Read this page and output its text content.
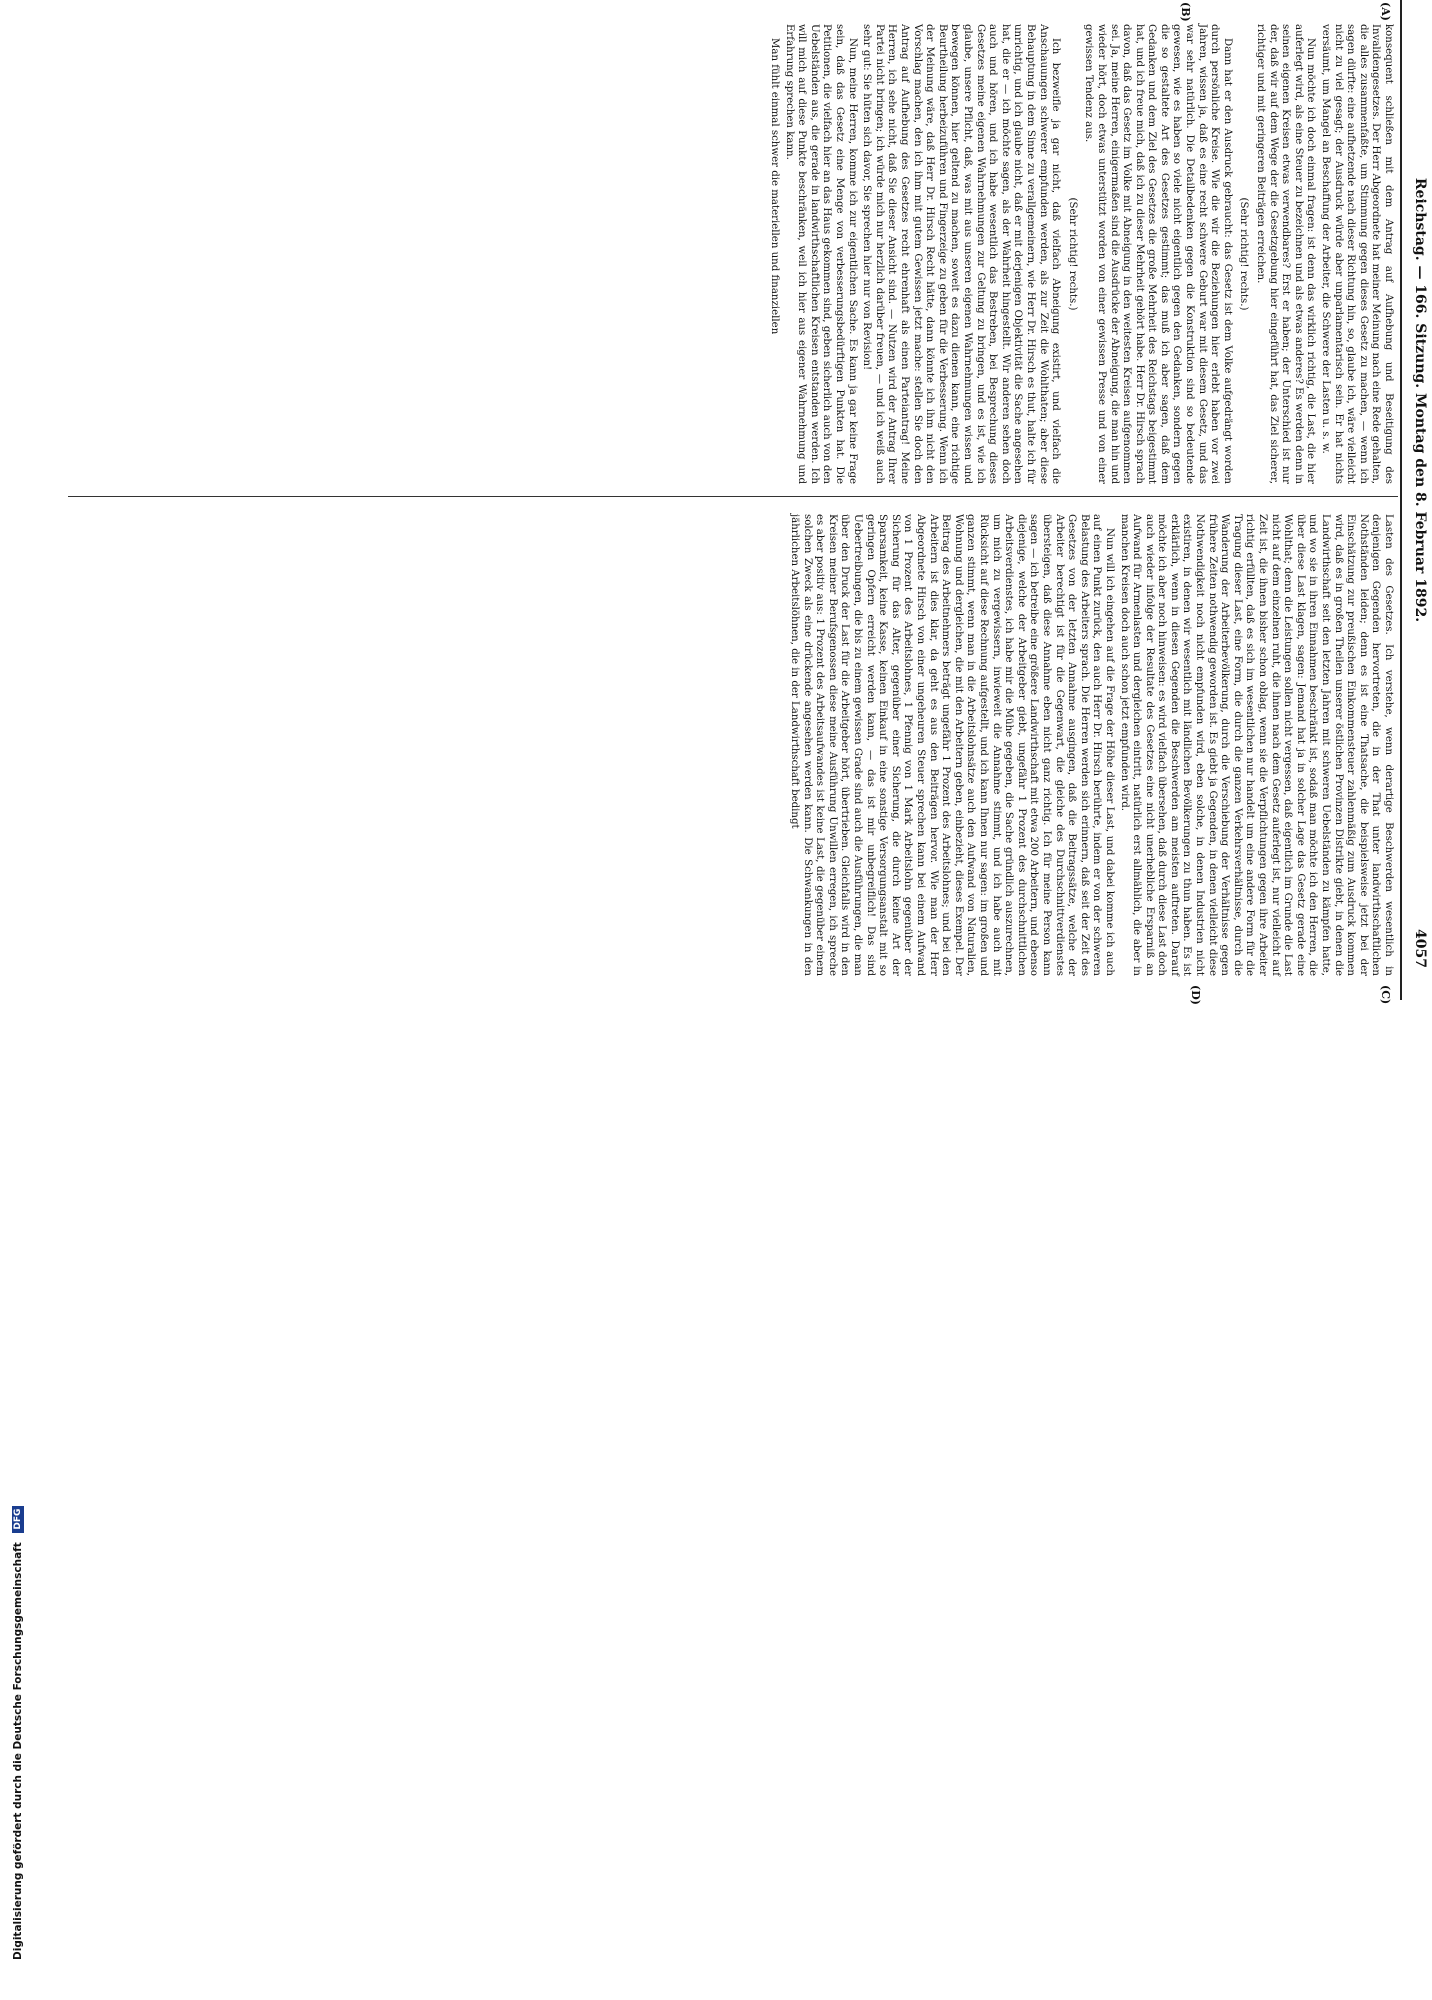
Reichstag. — 166. Sitzung. Montag den 8. Februar 1892.
4057
(A)
(B)
(C)
(D)

konsequent schließen mit dem Antrag auf Aufhebung und Beseitigung des Invalidengesetzes. Der Herr Abgeordnete hat meiner Meinung nach eine Rede gehalten, die alles zusammenfaßte, um Stimmung gegen dieses Gesetz zu machen, — wenn ich sagen dürfte: eine aufhetzende nach dieser Richtung hin, so, glaube ich, wäre vielleicht nicht zu viel gesagt; der Ausdruck würde aber unparlamentarisch sein. Er hat nichts versäumt, um Mangel an Beschaffung der Arbeiter, die Schwere der Lasten u. s. w.

Nun möchte ich doch einmal fragen: ist denn das wirklich richtig, die Last, die hier auferlegt wird, als eine Steuer zu bezeichnen und als etwas anderes? Es werden denn in seinen eigenen Kreisen etwas verwendbares? Erst er haben; der Unterschied ist nur der, daß wir auf dem Wege der die Gesetzgebung hier eingeführt hat, das Ziel sicherer, richtiger und mit geringeren Beiträgen erreichen.

(Sehr richtig! rechts.)

Dann hat er den Ausdruck gebraucht: das Gesetz ist dem Volke aufgedrängt worden durch persönliche Kreise. Wie die wir die Beziehungen hier erlebt haben vor zwei Jahren, wissen ja, daß es eine recht schwere Geburt war mit diesem Gesetz, und das war sehr natürlich. Die Detailbedenken gegen die Konstruktion sind so bedeutende gewesen, wie es haben so viele nicht eigentlich gegen den Gedanken, sondern gegen die so gestaltete Art des Gesetzes gestimmt; das muß ich aber sagen, daß dem Gedanken und dem Ziel des Gesetzes die große Mehrheit des Reichstags beigestimmt hat, und ich freue mich, daß ich zu dieser Mehrheit gehört habe. Herr Dr. Hirsch sprach davon, daß das Gesetz im Volke mit Abneigung in den weitesten Kreisen aufgenommen sei. Ja, meine Herren, einigermaßen sind die Ausdrücke der Abneigung, die man hin und wieder hört, doch etwas unterstützt worden von einer gewissen Presse und von einer gewissen Tendenz aus.

(Sehr richtig! rechts.)

Ich bezweifle ja gar nicht, daß vielfach Abneigung existirt, und vielfach die Anschauungen schwerer empfunden werden, als zur Zeit die Wohlthaten; aber diese Behauptung in dem Sinne zu verallgemeinern, wie Herr Dr. Hirsch es thut, halte ich für unrichtig, und ich glaube nicht, daß er mit derjenigen Objektivität die Sache angesehen hat, die er — ich möchte sagen, als der Wahrheit hingestellt. Wir anderen sehen doch auch und hören, und ich habe wesentlich das Bestreben, bei Besprechung dieses Gesetzes meine eigenen Wahrnehmungen zur Geltung zu bringen, und es ist, wie ich glaube, unsere Pflicht, daß, was mit aus unseren eigenen Wahrnehmungen wissen und bewegen können, hier geltend zu machen, soweit es dazu dienen kann, eine richtige Beurtheilung herbeizuführen und Fingerzeige zu geben für die Verbesserung. Wenn ich der Meinung wäre, daß Herr Dr. Hirsch Recht hätte, dann könnte ich ihm nicht den Vorschlag machen, den ich ihm mit gutem Gewissen jetzt mache: stellen Sie doch den Antrag auf Aufhebung des Gesetzes recht ehrenhaft als einen Parteiantrag! Meine Herren, ich sehe nicht, daß Sie dieser Ansicht sind. — Nutzen wird der Antrag Ihrer Partei nicht bringen; ich würde mich nur herzlich darüber freuen, — und ich weiß auch sehr gut: Sie hüten sich davor, Sie sprechen hier nur von Revision!

Nun, meine Herren, komme ich zur eigentlichen Sache. Es kann ja gar keine Frage sein, daß das Gesetz eine Menge von verbesserungsbedürftigen Punkten hat. Die Petitionen, die vielfach hier an das Haus gekommen sind, geben sicherlich auch von den Uebelständen aus, die gerade in landwirthschaftlichen Kreisen entstanden werden. Ich will mich auf diese Punkte beschränken, weil ich hier aus eigener Wahrnehmung und Erfahrung sprechen kann.

Man fühlt einmal schwer die materiellen und finanziellen

Lasten des Gesetzes. Ich verstehe, wenn derartige Beschwerden wesentlich in denjenigen Gegenden hervortreten, die in der That unter landwirthschaftlichen Nothständen leiden; denn es ist eine Thatsache, die beispielsweise jetzt bei der Einschätzung zur preußischen Einkommensteuer zahlenmäßig zum Ausdruck kommen wird, daß es in großen Theilen unserer östlichen Provinzen Distrikte giebt, in denen die Landwirthschaft seit den letzten Jahren mit schweren Uebelständen zu kämpfen hatte, und wo sie in ihren Einnahmen beschränkt ist, sodaß man möchte ich den Herren, die über diese Last klagen, sagen: Jemand hat ja in solcher Lage das Gesetz gerade eine Wohlthat; denn die Leistungen sollen nicht vergessen, daß eigentlich im Grunde die Last nicht auf dem einzelnen ruht, die ihnen nach dem Gesetz auferlegt ist, nur vielleicht auf Zeit ist, die ihnen bisher schon oblag, wenn sie die Verpflichtungen gegen ihre Arbeiter richtig erfüllten, daß es sich im wesentlichen nur handelt um eine andere Form für die Tragung dieser Last, eine Form, die durch die ganzen Verkehrsverhältnisse, durch die Wanderung der Arbeiterbevölkerung, durch die Verschiebung der Verhältnisse gegen frühere Zeiten nothwendig geworden ist. Es giebt ja Gegenden, in denen vielleicht diese Nothwendigkeit noch nicht empfunden wird, eben solche, in denen Industrien nicht existiren, in denen wir wesentlich mit ländlichen Bevölkerungen zu thun haben. Es ist erklärlich, wenn in diesen Gegenden die Beschwerden am meisten auftreten. Darauf möchte ich aber noch hinweisen: es wird vielfach übersehen, daß durch diese Last doch auch wieder infolge der Resultate des Gesetzes eine nicht unerhebliche Ersparniß an Aufwand für Armenlasten und dergleichen eintritt, natürlich erst allmählich, die aber in manchen Kreisen doch auch schon jetzt empfunden wird.

Nun will ich eingehen auf die Frage der Höhe dieser Last, und dabei komme ich auch auf einen Punkt zurück, den auch Herr Dr. Hirsch berührte, indem er von der schweren Belastung des Arbeiters sprach. Die Herren werden sich erinnern, daß seit der Zeit des Gesetzes von der letzten Annahme ausgingen, daß die Beitragssätze, welche der Arbeiter berechtigt ist für die Gegenwart, die gleiche des Durchschnittverdienstes übersteigen, daß diese Annahme eben nicht ganz richtig. Ich für meine Person kann sagen — ich betreibe eine größere Landwirthschaft mit etwa 200 Arbeitern, und ebenso diejenige, welche der Arbeitgeber giebt, ungefähr 1 Prozent des durchschnittlichen Arbeitsverdienstes, ich habe mir die Mühe gegeben, die Sache gründlich auszurechnen, um mich zu vergewissern, inwieweit die Annahme stimmt, und ich habe auch mit Rücksicht auf diese Rechnung aufgestellt, und ich kann Ihnen nur sagen: im großen und ganzen stimmt, wenn man in die Arbeitslohnsätze auch den Aufwand von Naturalien, Wohnung und dergleichen, die mit den Arbeitern geben, einbezieht, dieses Exempel. Der Beitrag des Arbeitnehmers beträgt ungefähr 1 Prozent des Arbeitslohnes; und bei den Arbeitern ist dies klar, da geht es aus den Beiträgen hervor. Wie man der Herr Abgeordnete Hirsch von einer ungeheuren Steuer sprechen kann bei einem Aufwand von 1 Prozent des Arbeitslohnes, 1 Pfennig von 1 Mark Arbeitslohn gegenüber der Sicherung für das Alter, gegenüber einer Sicherung, die durch keine Art der Sparsamkeit, keine Kasse, keinen Einkauf in eine sonstige Versorgungsanstalt mit so geringen Opfern erreicht werden kann, — das ist mir unbegreiflich! Das sind Uebertreibungen, die bis zu einem gewissen Grade sind auch die Ausführungen, die man über den Druck der Last für die Arbeitgeber hört, übertrieben. Gleichfalls wird in den Kreisen meiner Berufsgenossen diese meine Ausführung Unwillen erregen, ich spreche es aber positiv aus: 1 Prozent des Arbeitsaufwandes ist keine Last, die gegenüber einem solchen Zweck als eine drückende angesehen werden kann. Die Schwankungen in den jährlichen Arbeitslöhnen, die in der Landwirthschaft bedingt

Digitalisierung gefördert durch die Deutsche Forschungsgemeinschaft DFG
